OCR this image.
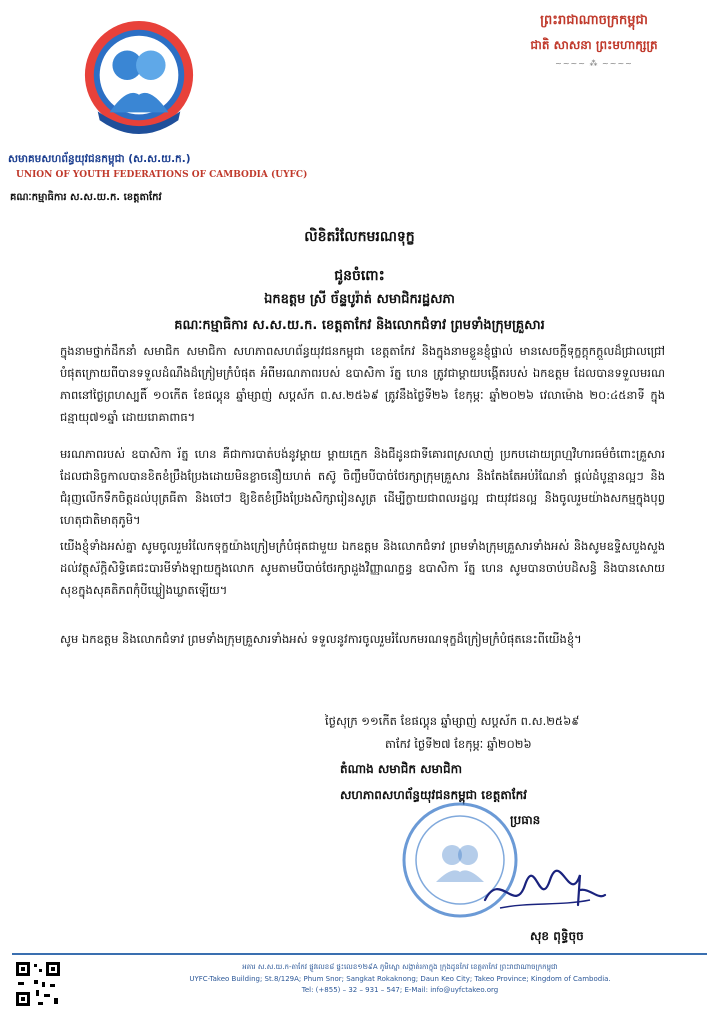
សមាគមសហព័ន្ធយុវជនកម្ពុជា (ស.ស.យ.ក.)
UNION OF YOUTH FEDERATIONS OF CAMBODIA (UYFC)
គណៈកម្មាធិការ ស.ស.យ.ក. ខេត្តតាកែវ
ព្រះរាជាណាចក្រកម្ពុជា
ជាតិ សាសនា ព្រះមហាក្សត្រ
~~~~ ⁂ ~~~~
លិខិតរំលែកមរណទុក្ខ
ជូនចំពោះ
ឯកឧត្តម ស្រី ច័ន្ទបូរ៉ាត់ សមាជិករដ្ឋសភា
គណៈកម្មាធិការ ស.ស.យ.ក. ខេត្តតាកែវ និងលោកជំទាវ ព្រមទាំងក្រុមគ្រួសារ
ក្នុងនាមថ្នាក់ដឹកនាំ សមាជិក សមាជិកា សហភាពសហព័ន្ធយុវជនកម្ពុជា ខេត្តតាកែវ និងក្នុងនាមខ្លួនខ្ញុំផ្ទាល់ មានសេចក្តីទុក្ខក្តុកក្តួលដ៏ជ្រាលជ្រៅបំផុតក្រោយពីបានទទួលដំណឹងដ៏ក្រៀមក្រំបំផុត អំពីមរណភាពរបស់ ឧបាសិកា រ័ត្ន ហេន ត្រូវជាម្តាយបង្កើតរបស់ ឯកឧត្តម ដែលបានទទួលមរណភាពនៅថ្ងៃព្រហស្បតិ៍ ១០កើត ខែផល្គុន ឆ្នាំម្សាញ់ សប្តស័ក ព.ស.២៥៦៩ ត្រូវនឹងថ្ងៃទី២៦ ខែកុម្ភៈ ឆ្នាំ២០២៦ វេលាម៉ោង ២០:៤៥នាទី ក្នុងជន្មាយុ៧១ឆ្នាំ ដោយរោគាពាធ។
មរណភាពរបស់ ឧបាសិកា រ័ត្ន ហេន គឺជាការបាត់បង់នូវម្តាយ ម្តាយក្មេក និងជីដូនជាទីគោរពស្រលាញ់ ប្រកបដោយព្រហ្មវិហារធម៌ចំពោះគ្រួសារ ដែលជានិច្ចកាលបានខិតខំប្រឹងប្រែងដោយមិនខ្លាចនឿយហត់ តស៊ូ ចិញ្ចឹមបីបាច់ថែរក្សាក្រុមគ្រួសារ និងតែងតែអប់រំណែនាំ ផ្តល់ដំបូន្មានល្អៗ និងជំរុញលើកទឹកចិត្តដល់បុត្រធីតា និងចៅៗ ឱ្យខិតខំប្រឹងប្រែងសិក្សារៀនសូត្រ ដើម្បីក្លាយជាពលរដ្ឋល្អ ជាយុវជនល្អ និងចូលរួមយ៉ាងសកម្មក្នុងបុព្វហេតុជាតិមាតុភូមិ។
យើងខ្ញុំទាំងអស់គ្នា សូមចូលរួមរំលែកទុក្ខយ៉ាងក្រៀមក្រំបំផុតជាមួយ ឯកឧត្តម និងលោកជំទាវ ព្រមទាំងក្រុមគ្រួសារទាំងអស់ និងសូមឧទ្ទិសបួងសួងដល់វត្ថុស័ក្តិសិទ្ធិគេជះបារមីទាំងឡាយក្នុងលោក សូមតាមបីបាច់ថែរក្សាដួងវិញ្ញាណក្ខន្ធ ឧបាសិកា រ័ត្ន ហេន សូមបានចាប់បដិសន្ធិ និងបានសោយសុខក្នុងសុគតិភពកុំបីឃ្លៀងឃ្លាតឡើយ។
សូម ឯកឧត្តម និងលោកជំទាវ ព្រមទាំងក្រុមគ្រួសារទាំងអស់ ទទួលនូវការចូលរួមរំលែកមរណទុក្ខដ៏ក្រៀមក្រំបំផុតនេះពីយើងខ្ញុំ។
ថ្ងៃសុក្រ ១១កើត ខែផល្គុន ឆ្នាំម្សាញ់ សប្តស័ក ព.ស.២៥៦៩
តាកែវ ថ្ងៃទី២៧ ខែកុម្ភៈ ឆ្នាំ២០២៦
តំណាង សមាជិក សមាជិកា
សហភាពសហព័ន្ធយុវជនកម្ពុជា ខេត្តតាកែវ
ប្រធាន
សុខ ពុទ្ធិចុច
អគារ ស.ស.យ.ក-តាកែវ ផ្លូវលេខ៨ ផ្ទះលេខ១២៩A ភូមិស្នោ សង្កាត់រកាក្នុង ក្រុងដូនកែវ ខេត្តតាកែវ ព្រះរាជាណាចក្រកម្ពុជា
UYFC-Takeo Building; St.8/129A; Phum Snor; Sangkat Rokaknong; Daun Keo City; Takeo Province; Kingdom of Cambodia.
Tel: (+855) – 32 – 931 – 547; E-Mail: info@uyfctakeo.org
